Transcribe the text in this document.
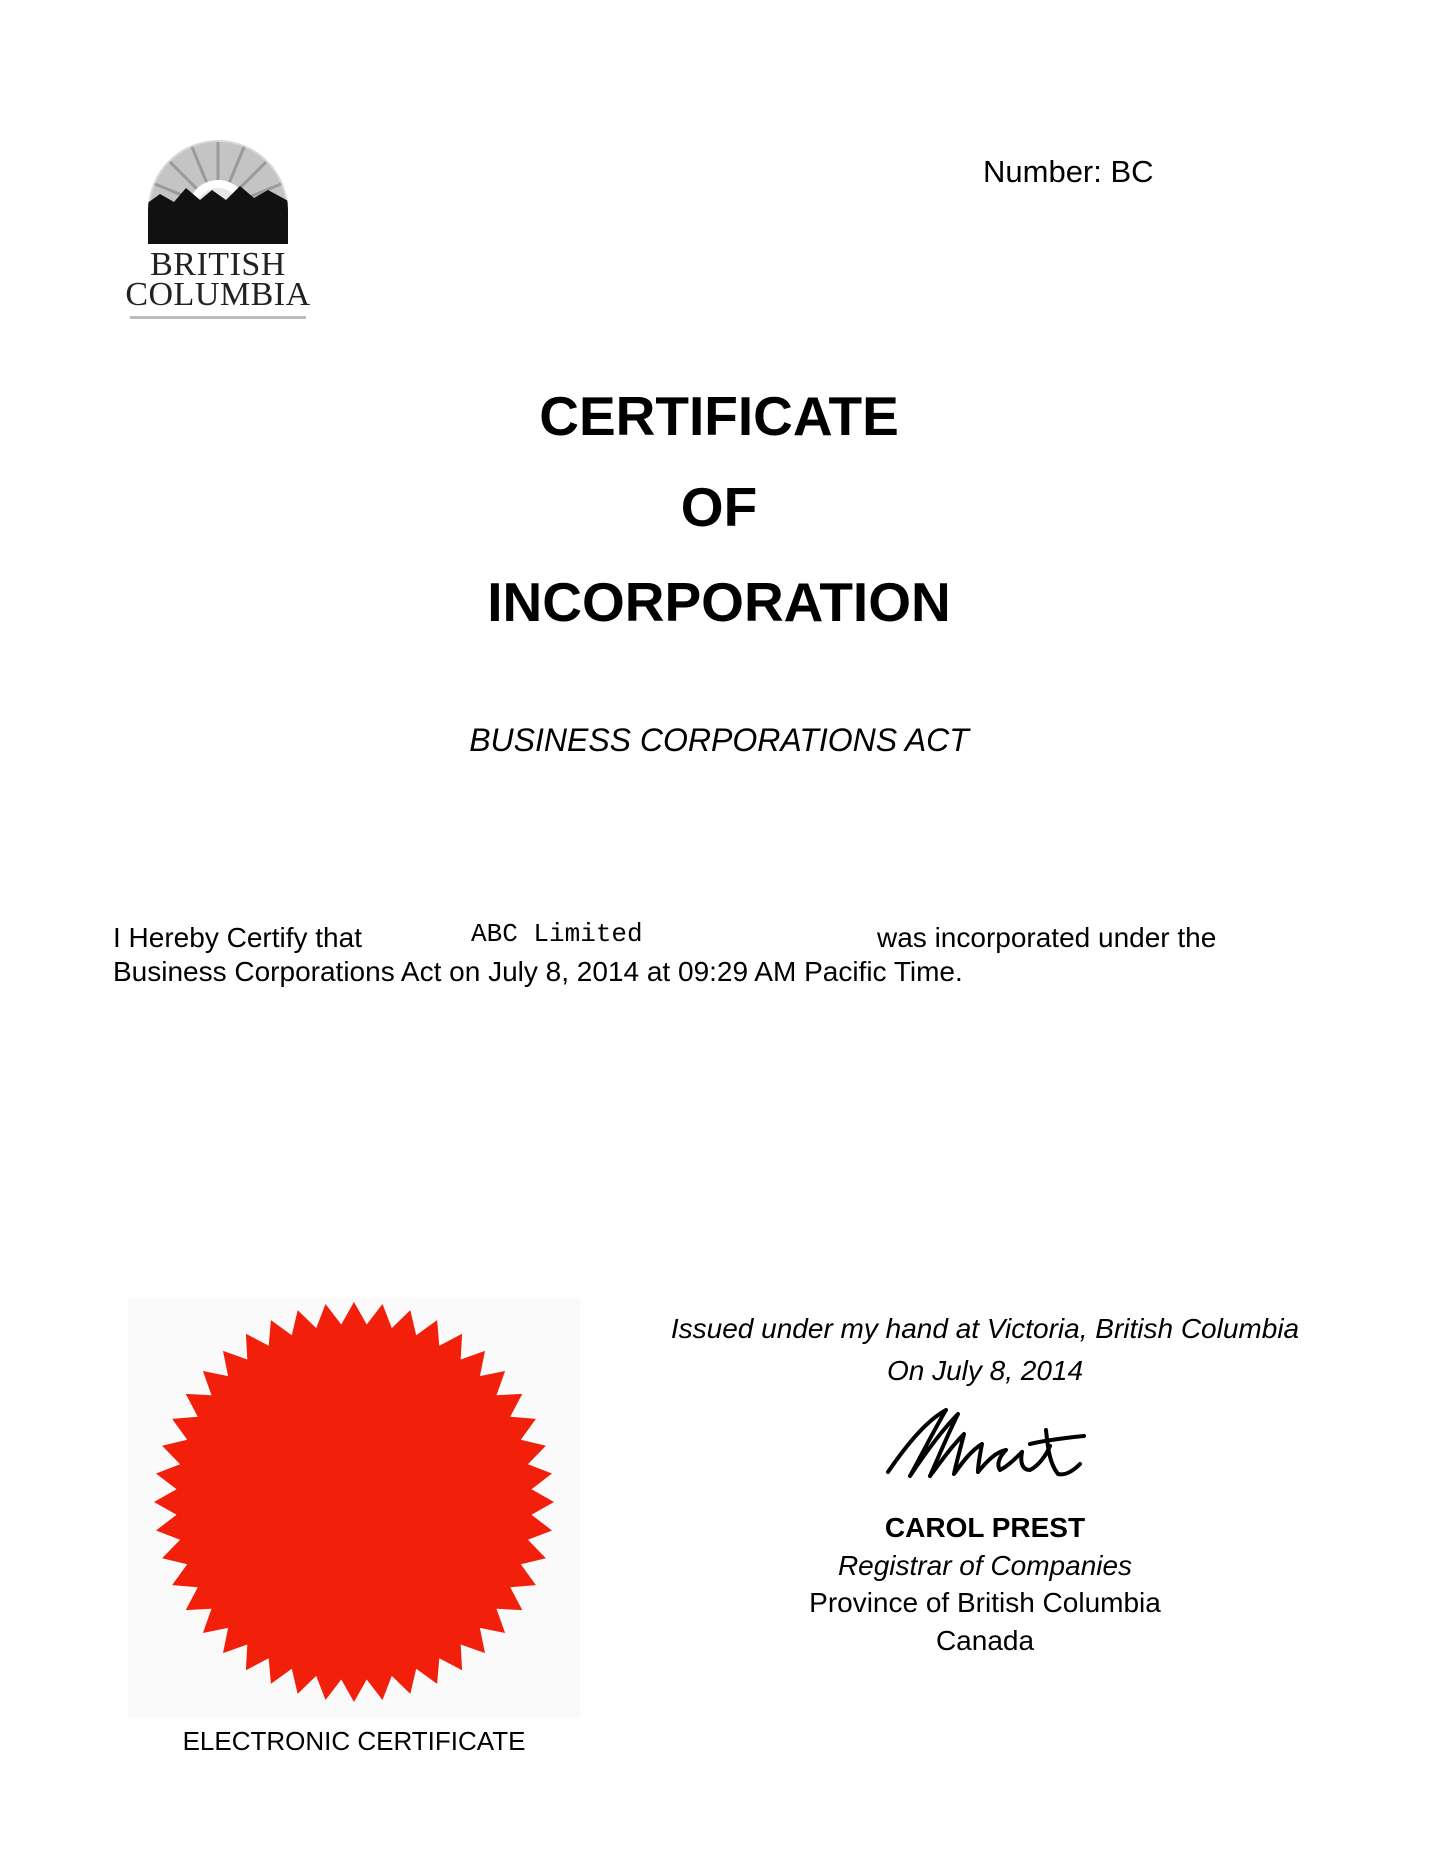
BRITISH
COLUMBIA
Number: BC
CERTIFICATE
OF
INCORPORATION
BUSINESS CORPORATIONS ACT
I Hereby Certify that	ABC Limited	was incorporated under the
Business Corporations Act on July 8, 2014 at 09:29 AM Pacific Time.
ELECTRONIC CERTIFICATE
Issued under my hand at Victoria, British Columbia
On July 8, 2014
CAROL PREST
Registrar of Companies
Province of British Columbia
Canada
